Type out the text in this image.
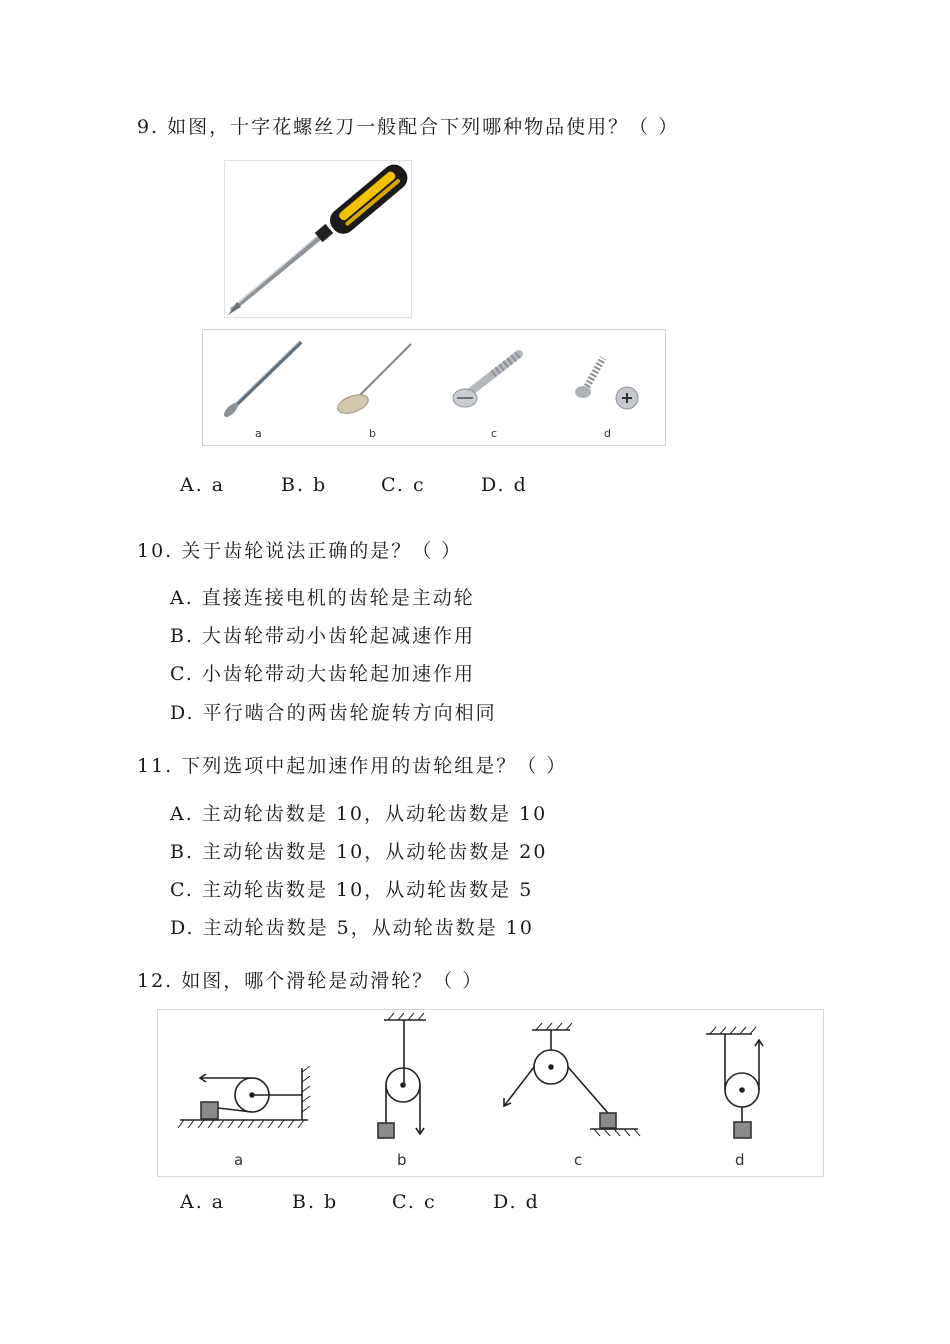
9. 如图，十字花螺丝刀一般配合下列哪种物品使用？（ ）
a	b	c	d
A. a	B. b	C. c	D. d
10. 关于齿轮说法正确的是？（ ）
A. 直接连接电机的齿轮是主动轮
B. 大齿轮带动小齿轮起减速作用
C. 小齿轮带动大齿轮起加速作用
D. 平行啮合的两齿轮旋转方向相同
11. 下列选项中起加速作用的齿轮组是？（ ）
A. 主动轮齿数是 10，从动轮齿数是 10
B. 主动轮齿数是 10，从动轮齿数是 20
C. 主动轮齿数是 10，从动轮齿数是 5
D. 主动轮齿数是 5，从动轮齿数是 10
12. 如图，哪个滑轮是动滑轮？（ ）
a	b	c	d
A. a	B. b	C. c	D. d
